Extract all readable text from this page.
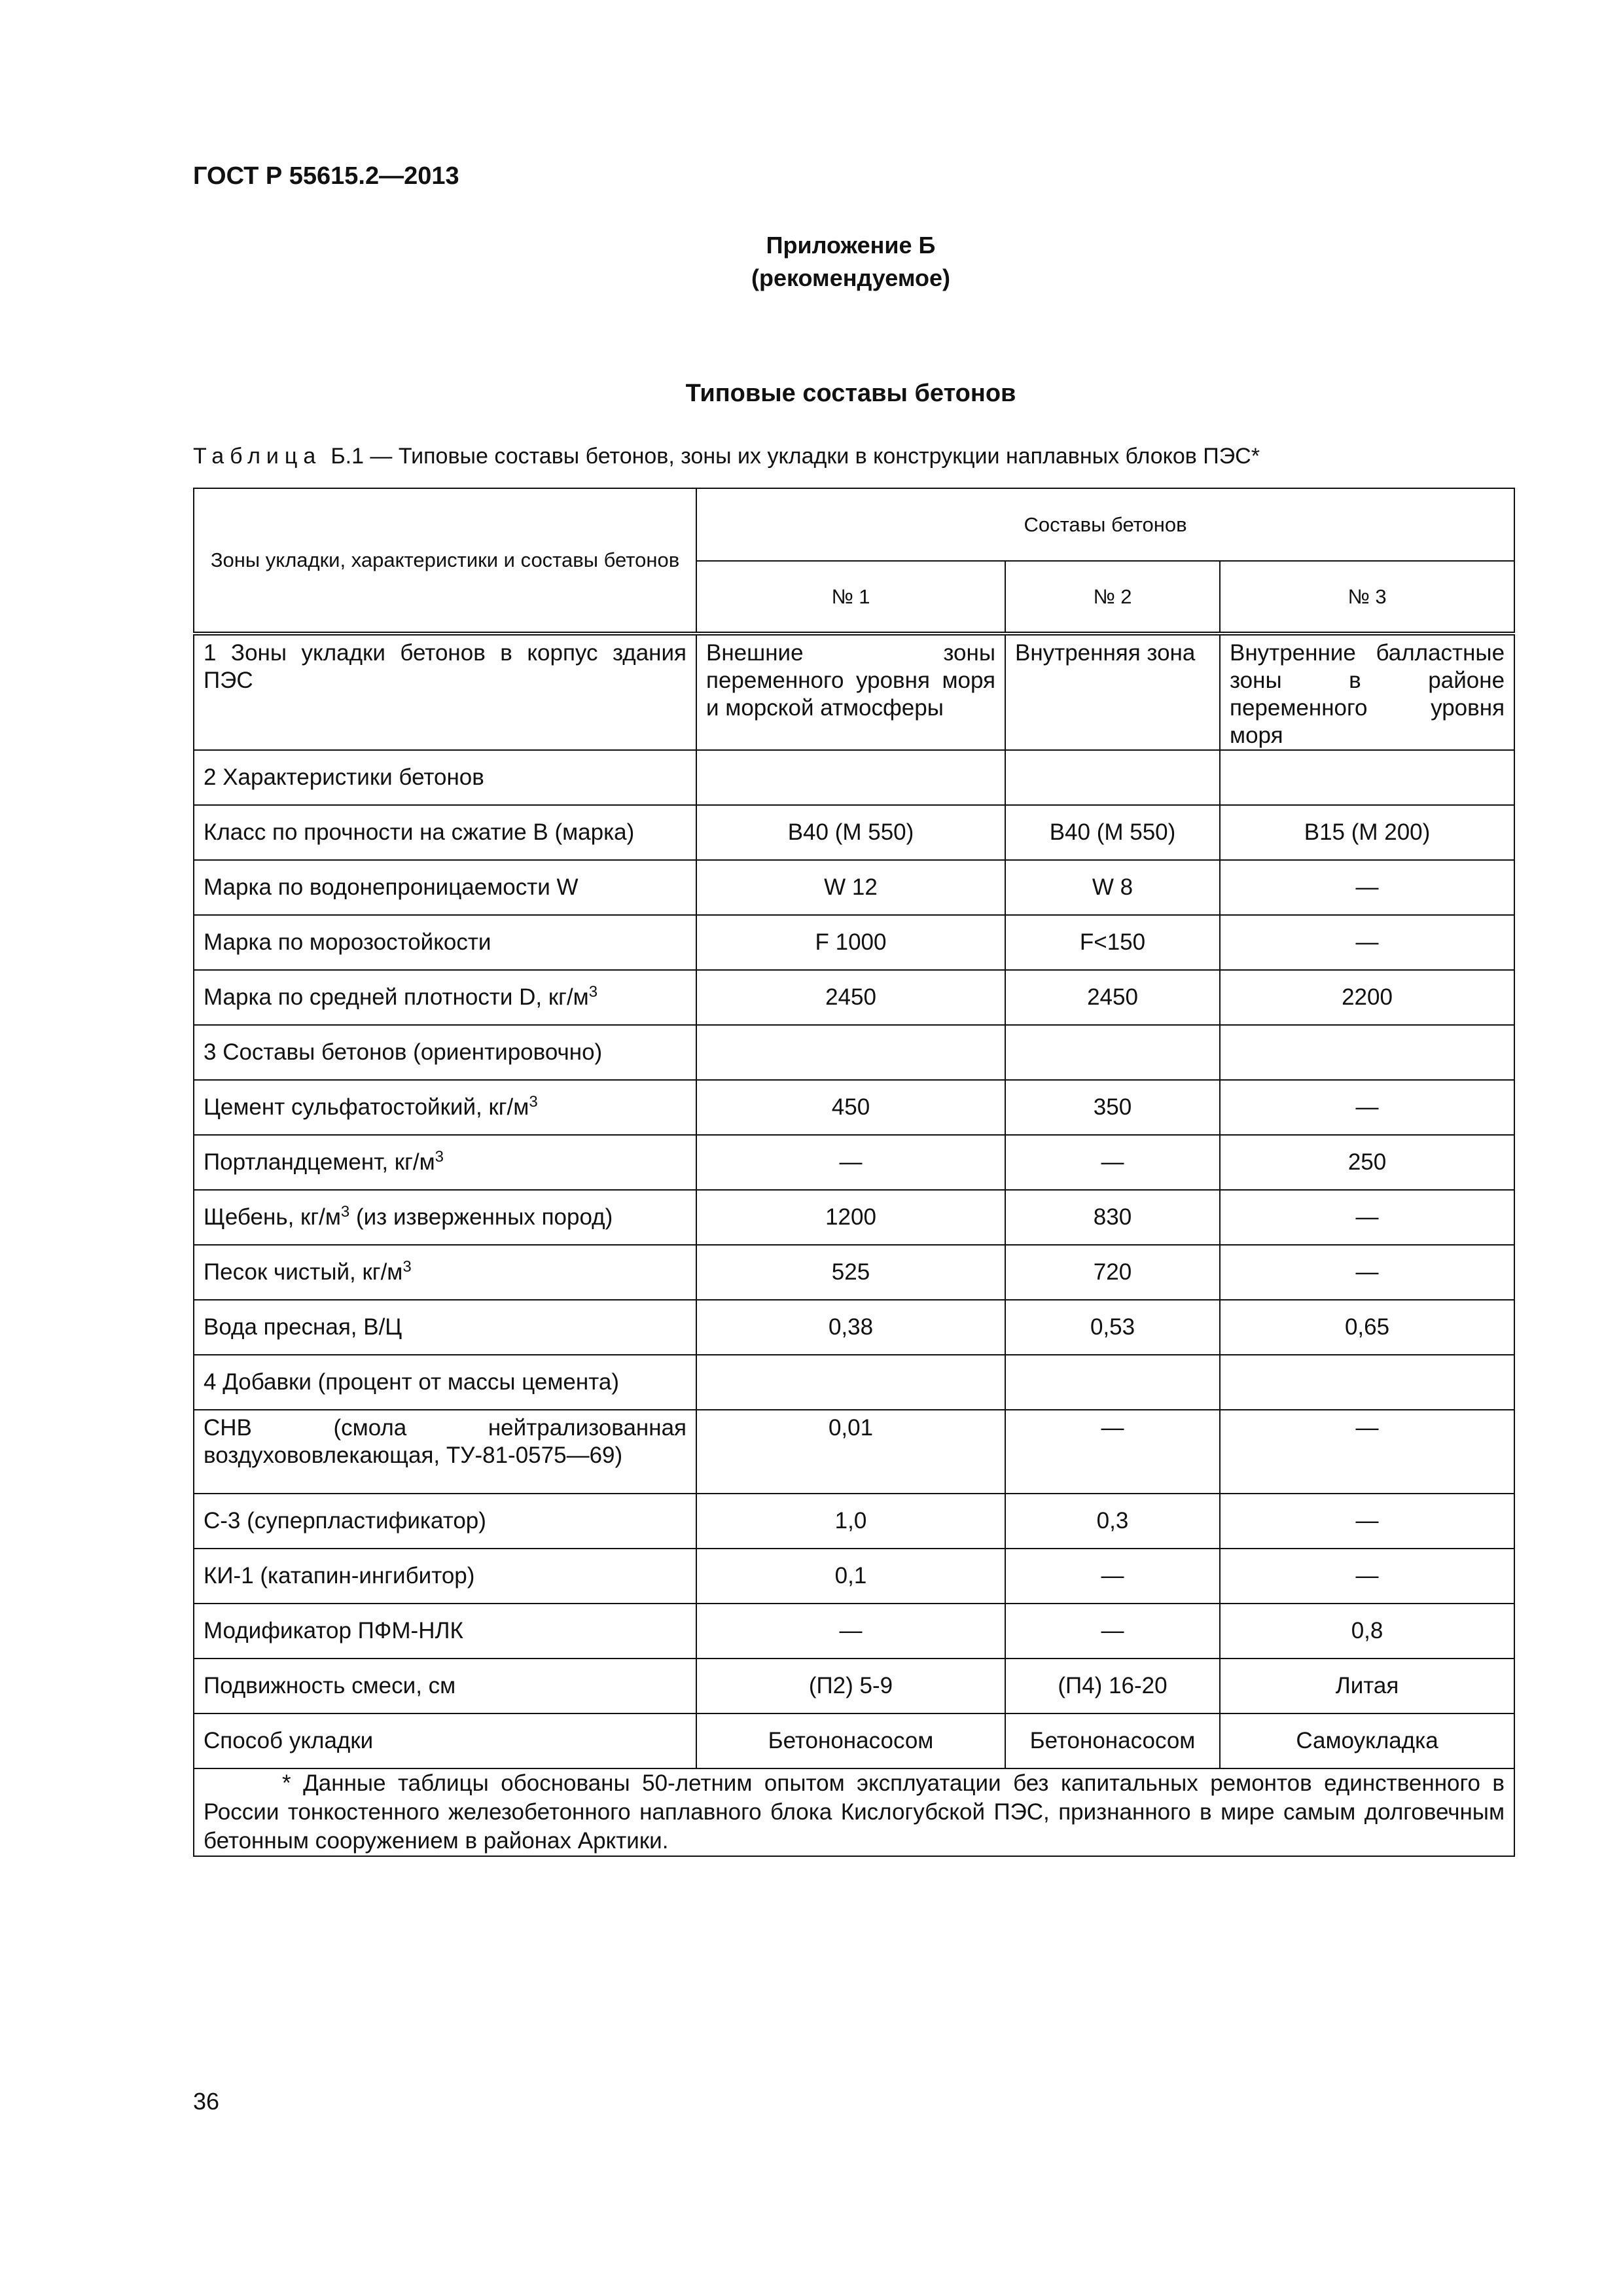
ГОСТ Р 55615.2—2013
Приложение Б
(рекомендуемое)
Типовые составы бетонов
Таблица Б.1 — Типовые составы бетонов, зоны их укладки в конструкции наплавных блоков ПЭС*
Зоны укладки, характеристики и составы бетонов	Составы бетонов		
	№ 1	№ 2	№ 3
1 Зоны укладки бетонов в корпус здания ПЭС	Внешние зоны переменного уровня моря и морской атмосферы	Внутренняя зона	Внутренние балластные зоны в районе переменного уровня моря
2 Характеристики бетонов			
Класс по прочности на сжатие В (марка)	В40 (М 550)	В40 (М 550)	В15 (М 200)
Марка по водонепроницаемости W	W 12	W 8	—
Марка по морозостойкости	F 1000	F<150	—
Марка по средней плотности D, $кг/м^3$	2450	2450	2200
3 Составы бетонов (ориентировочно)			
Цемент сульфатостойкий, $кг/м^3$	450	350	—
Портландцемент, $кг/м^3$	—	—	250
Щебень, $кг/м^3$ (из изверженных пород)	1200	830	—
Песок чистый, $кг/м^3$	525	720	—
Вода пресная, В/Ц	0,38	0,53	0,65
4 Добавки (процент от массы цемента)			
СНВ (смола нейтрализованная воздухововлекающая, ТУ-81-0575—69)	0,01	—	—
С-3 (суперпластификатор)	1,0	0,3	—
КИ-1 (катапин-ингибитор)	0,1	—	—
Модификатор ПФМ-НЛК	—	—	0,8
Подвижность смеси, см	(П2) 5-9	(П4) 16-20	Литая
Способ укладки	Бетононасосом	Бетононасосом	Самоукладка
* Данные таблицы обоснованы 50-летним опытом эксплуатации без капитальных ремонтов единственного в России тонкостенного железобетонного наплавного блока Кислогубской ПЭС, признанного в мире самым долговечным бетонным сооружением в районах Арктики.			
36
